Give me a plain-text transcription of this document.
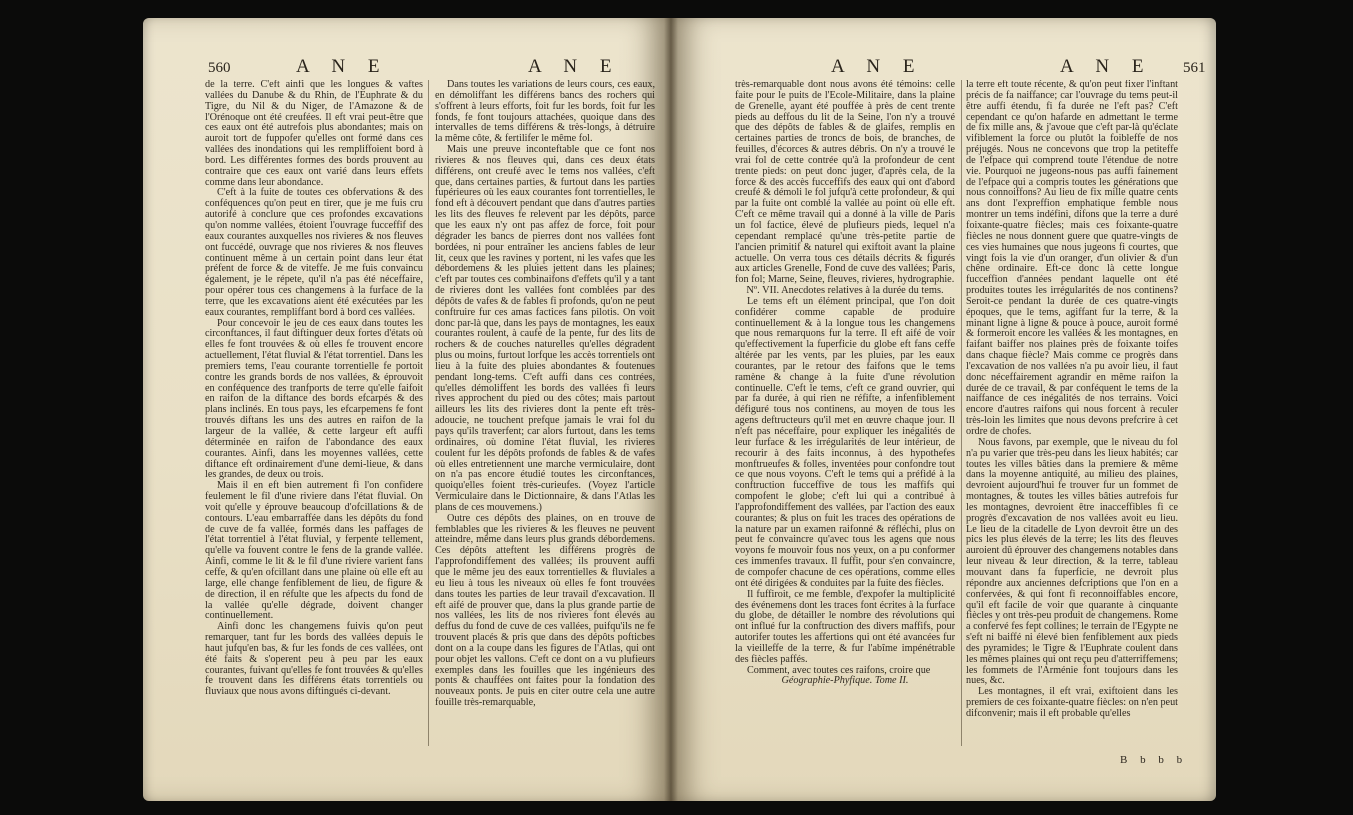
560	A N E	A N E	A N E	A N E 561

de la terre. C'eft ainfi que les longues & vaftes vallées du Danube & du Rhin, de l'Euphrate & du Tigre, du Nil & du Niger, de l'Amazone & de l'Orénoque ont été creufées. Il eft vrai peut-être que ces eaux ont été autrefois plus abondantes; mais on auroit tort de fuppofer qu'elles ont formé dans ces vallées des inondations qui les rempliffoient bord à bord. Les différentes formes des bords prouvent au contraire que ces eaux ont varié dans leurs effets comme dans leur abondance.

C'eft à la fuite de toutes ces obfervations & des conféquences qu'on peut en tirer, que je me fuis cru autorifé à conclure que ces profondes excavations qu'on nomme vallées, étoient l'ouvrage fucceffif des eaux courantes auxquelles nos rivieres & nos fleuves ont fuccédé, ouvrage que nos rivieres & nos fleuves continuent même à un certain point dans leur état préfent de force & de viteffe. Je me fuis convaincu également, je le répete, qu'il n'a pas été néceffaire, pour opérer tous ces changemens à la furface de la terre, que les excavations aient été exécutées par les eaux courantes, rempliffant bord à bord ces vallées.

Pour concevoir le jeu de ces eaux dans toutes les circonftances, il faut diftinguer deux fortes d'états où elles fe font trouvées & où elles fe trouvent encore actuellement, l'état fluvial & l'état torrentiel. Dans les premiers tems, l'eau courante torrentielle fe portoit contre les grands bords de nos vallées, & éprouvoit en conféquence des tranfports de terre qu'elle faifoit en raifon de la diftance des bords efcarpés & des plans inclinés. En tous pays, les efcarpemens fe font trouvés diftans les uns des autres en raifon de la largeur de la vallée, & cette largeur eft auffi déterminée en raifon de l'abondance des eaux courantes. Ainfi, dans les moyennes vallées, cette diftance eft ordinairement d'une demi-lieue, & dans les grandes, de deux ou trois.

Mais il en eft bien autrement fi l'on confidere feulement le fil d'une riviere dans l'état fluvial. On voit qu'elle y éprouve beaucoup d'ofcillations & de contours. L'eau embarraffée dans les dépôts du fond de cuve de fa vallée, formés dans les paffages de l'état torrentiel à l'état fluvial, y ferpente tellement, qu'elle va fouvent contre le fens de la grande vallée. Ainfi, comme le lit & le fil d'une riviere varient fans ceffe, & qu'en ofcillant dans une plaine où elle eft au large, elle change fenfiblement de lieu, de figure & de direction, il en réfulte que les afpects du fond de la vallée qu'elle dégrade, doivent changer continuellement.

Ainfi donc les changemens fuivis qu'on peut remarquer, tant fur les bords des vallées depuis le haut jufqu'en bas, & fur les fonds de ces vallées, ont été faits & s'operent peu à peu par les eaux courantes, fuivant qu'elles fe font trouvées & qu'elles fe trouvent dans les différens états torrentiels ou fluviaux que nous avons diftingués ci-devant.

Dans toutes les variations de leurs cours, ces eaux, en démoliffant les différens bancs des rochers qui s'offrent à leurs efforts, foit fur les bords, foit fur les fonds, fe font toujours attachées, quoique dans des intervalles de tems différens & très-longs, à détruire la même côte, & fertilifer le même fol.

Mais une preuve inconteftable que ce font nos rivieres & nos fleuves qui, dans ces deux états différens, ont creufé avec le tems nos vallées, c'eft que, dans certaines parties, & furtout dans les parties fupérieures où les eaux courantes font torrentielles, le fond eft à découvert pendant que dans d'autres parties les lits des fleuves fe relevent par les dépôts, parce que les eaux n'y ont pas affez de force, foit pour dégrader les bancs de pierres dont nos vallées font bordées, ni pour entraîner les anciens fables de leur lit, ceux que les ravines y portent, ni les vafes que les débordemens & les pluies jettent dans les plaines; c'eft par toutes ces combinaifons d'effets qu'il y a tant de rivieres dont les vallées font comblées par des dépôts de vafes & de fables fi profonds, qu'on ne peut conftruire fur ces amas factices fans pilotis. On voit donc par-là que, dans les pays de montagnes, les eaux courantes roulent, à caufe de la pente, fur des lits de rochers & de couches naturelles qu'elles dégradent plus ou moins, furtout lorfque les accès torrentiels ont lieu à la fuite des pluies abondantes & foutenues pendant long-tems. C'eft auffi dans ces contrées, qu'elles démoliffent les bords des vallées fi leurs rives approchent du pied ou des côtes; mais partout ailleurs les lits des rivieres dont la pente eft très-adoucie, ne touchent prefque jamais le vrai fol du pays qu'ils traverfent; car alors furtout, dans les tems ordinaires, où domine l'état fluvial, les rivieres coulent fur les dépôts profonds de fables & de vafes où elles entretiennent une marche vermiculaire, dont on n'a pas encore étudié toutes les circonftances, quoiqu'elles foient très-curieufes. (Voyez l'article Vermiculaire dans le Dictionnaire, & dans l'Atlas les plans de ces mouvemens.)

Outre ces dépôts des plaines, on en trouve de femblables que les rivieres & les fleuves ne peuvent atteindre, même dans leurs plus grands débordemens. Ces dépôts atteftent les différens progrès de l'approfondiffement des vallées; ils prouvent auffi que le même jeu des eaux torrentielles & fluviales a eu lieu à tous les niveaux où elles fe font trouvées dans toutes les parties de leur travail d'excavation. Il eft aifé de prouver que, dans la plus grande partie de nos vallées, les lits de nos rivieres font élevés au deffus du fond de cuve de ces vallées, puifqu'ils ne fe trouvent placés & pris que dans des dépôts pofticbes dont on a la coupe dans les figures de l'Atlas, qui ont pour objet les vallons. C'eft ce dont on a vu plufieurs exemples dans les fouilles que les ingénieurs des ponts & chauffées ont faites pour la fondation des nouveaux ponts. Je puis en citer outre cela une autre fouille très-remarquable,

très-remarquable dont nous avons été témoins: celle faite pour le puits de l'Ecole-Militaire, dans la plaine de Grenelle, ayant été pouffée à près de cent trente pieds au deffous du lit de la Seine, l'on n'y a trouvé que des dépôts de fables & de glaifes, remplis en certaines parties de troncs de bois, de branches, de feuilles, d'écorces & autres débris. On n'y a trouvé le vrai fol de cette contrée qu'à la profondeur de cent trente pieds: on peut donc juger, d'après cela, de la force & des accès fucceffifs des eaux qui ont d'abord creufé & démoli le fol jufqu'à cette profondeur, & qui par la fuite ont comblé la vallée au point où elle eft. C'eft ce même travail qui a donné à la ville de Paris un fol factice, élevé de plufieurs pieds, lequel n'a cependant remplacé qu'une très-petite partie de l'ancien primitif & naturel qui exiftoit avant la plaine actuelle. On verra tous ces détails décrits & figurés aux articles Grenelle, Fond de cuve des vallées; Paris, fon fol; Marne, Seine, fleuves, rivieres, hydrographie.

Nº. VII. Anecdotes relatives à la durée du tems.

Le tems eft un élément principal, que l'on doit confidérer comme capable de produire continuellement & à la longue tous les changemens que nous remarquons fur la terre. Il eft aifé de voir qu'effectivement la fuperficie du globe eft fans ceffe altérée par les vents, par les pluies, par les eaux courantes, par le retour des faifons que le tems ramène & change à la fuite d'une révolution continuelle. C'eft le tems, c'eft ce grand ouvrier, qui par fa durée, à qui rien ne réfifte, a infenfiblement défiguré tous nos continens, au moyen de tous les agens deftructeurs qu'il met en œuvre chaque jour. Il n'eft pas néceffaire, pour expliquer les inégalités de leur furface & les irrégularités de leur intérieur, de recourir à des faits inconnus, à des hypothefes monftrueufes & folles, inventées pour confondre tout ce que nous voyons. C'eft le tems qui a préfidé à la conftruction fucceffive de tous les maffifs qui compofent le globe; c'eft lui qui a contribué à l'approfondiffement des vallées, par l'action des eaux courantes; & plus on fuit les traces des opérations de la nature par un examen raifonné & réfléchi, plus on peut fe convaincre qu'avec tous les agens que nous voyons fe mouvoir fous nos yeux, on a pu conformer ces immenfes travaux. Il fuffit, pour s'en convaincre, de compofer chacune de ces opérations, comme elles ont été dirigées & conduites par la fuite des fiècles.

Il fuffiroit, ce me femble, d'expofer la multiplicité des événemens dont les traces font écrites à la furface du globe, de détailler le nombre des révolutions qui ont influé fur la conftruction des divers maffifs, pour autorifer toutes les affertions qui ont été avancées fur la vieilleffe de la terre, & fur l'abîme impénétrable des fiècles paffés.

Comment, avec toutes ces raifons, croire que

Géographie-Phyfique. Tome II.

la terre eft toute récente, & qu'on peut fixer l'inftant précis de fa naiffance; car l'ouvrage du tems peut-il être auffi étendu, fi fa durée ne l'eft pas? C'eft cependant ce qu'on hafarde en admettant le terme de fix mille ans, & j'avoue que c'eft par-là qu'éclate vifiblement la force ou plutôt la foibleffe de nos préjugés. Nous ne concevons que trop la petiteffe de l'efpace qui comprend toute l'étendue de notre vie. Pourquoi ne jugeons-nous pas auffi fainement de l'efpace qui a compris toutes les générations que nous connoiffons? Au lieu de fix mille quatre cents ans dont l'expreffion emphatique femble nous montrer un tems indéfini, difons que la terre a duré foixante-quatre fiècles; mais ces foixante-quatre fiècles ne nous donnent guere que quatre-vingts de ces vies humaines que nous jugeons fi courtes, que vingt fois la vie d'un oranger, d'un olivier & d'un chêne ordinaire. Eft-ce donc là cette longue fucceffion d'années pendant laquelle ont été produites toutes les irrégularités de nos continens? Seroit-ce pendant la durée de ces quatre-vingts époques, que le tems, agiffant fur la terre, & la minant ligne à ligne & pouce à pouce, auroit formé & formeroit encore les vallées & les montagnes, en faifant baiffer nos plaines près de foixante toifes dans chaque fiècle? Mais comme ce progrès dans l'excavation de nos vallées n'a pu avoir lieu, il faut donc néceffairement agrandir en même raifon la durée de ce travail, & par conféquent le tems de la naiffance de ces inégalités de nos terrains. Voici encore d'autres raifons qui nous forcent à reculer très-loin les limites que nous devons prefcrire à cet ordre de chofes.

Nous favons, par exemple, que le niveau du fol n'a pu varier que très-peu dans les lieux habités; car toutes les villes bâties dans la premiere & même dans la moyenne antiquité, au milieu des plaines, devroient aujourd'hui fe trouver fur un fommet de montagnes, & toutes les villes bâties autrefois fur les montagnes, devroient être inacceffibles fi ce progrès d'excavation de nos vallées avoit eu lieu. Le lieu de la citadelle de Lyon devroit être un des pics les plus élevés de la terre; les lits des fleuves auroient dû éprouver des changemens notables dans leur niveau & leur direction, & la terre, tableau mouvant dans fa fuperficie, ne devroit plus répondre aux anciennes defcriptions que l'on en a confervées, & qui font fi reconnoiffables encore, qu'il eft facile de voir que quarante à cinquante fiècles y ont très-peu produit de changemens. Rome a confervé fes fept collines; le terrain de l'Egypte ne s'eft ni baiffé ni élevé bien fenfiblement aux pieds des pyramides; le Tigre & l'Euphrate coulent dans les mêmes plaines qui ont reçu peu d'atterriffemens; les fommets de l'Arménie font toujours dans les nues, &c.

Les montagnes, il eft vrai, exiftoient dans les premiers de ces foixante-quatre fiècles: on n'en peut difconvenir; mais il eft probable qu'elles

B b b b
